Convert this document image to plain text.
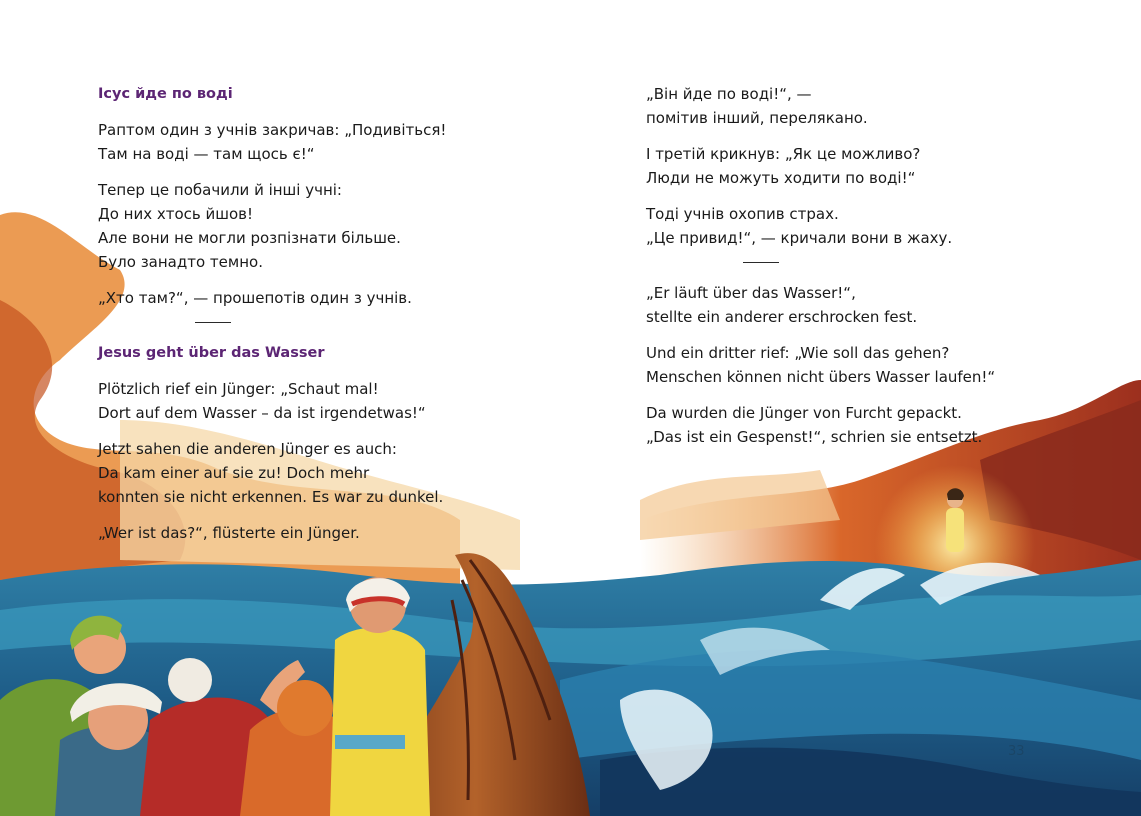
Ісус йде по воді

Раптом один з учнів закричав: „Подивіться!
Там на воді — там щось є!“

Тепер це побачили й інші учні:
До них хтось йшов!
Але вони не могли розпізнати більше.
Було занадто темно.

„Хто там?“, — прошепотів один з учнів.

Jesus geht über das Wasser

Plötzlich rief ein Jünger: „Schaut mal!
Dort auf dem Wasser – da ist irgendetwas!“

Jetzt sahen die anderen Jünger es auch:
Da kam einer auf sie zu! Doch mehr
konnten sie nicht erkennen. Es war zu dunkel.

„Wer ist das?“, flüsterte ein Jünger.

„Він йде по воді!“, —
помітив інший, перелякано.

І третій крикнув: „Як це можливо?
Люди не можуть ходити по воді!“

Тоді учнів охопив страх.
„Це привид!“, — кричали вони в жаху.

„Er läuft über das Wasser!“,
stellte ein anderer erschrocken fest.

Und ein dritter rief: „Wie soll das gehen?
Menschen können nicht übers Wasser laufen!“

Da wurden die Jünger von Furcht gepackt.
„Das ist ein Gespenst!“, schrien sie entsetzt.

33
